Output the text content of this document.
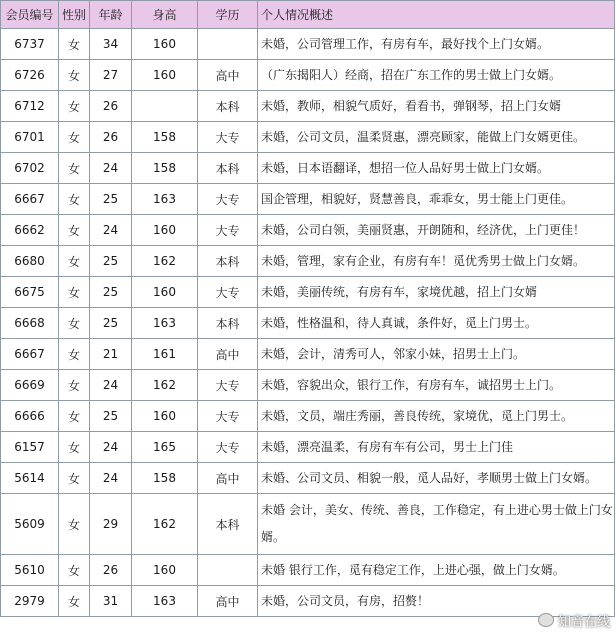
会员编号	性别	年龄	身高	学历	个人情况概述
6737	女	34	160		未婚，公司管理工作，有房有车，最好找个上门女婿。
6726	女	27	160	高中	（广东揭阳人）经商，招在广东工作的男士做上门女婿。
6712	女	26		本科	未婚，教师，相貌气质好，看看书，弹钢琴，招上门女婿
6701	女	26	158	大专	未婚，公司文员，温柔贤惠，漂亮顾家，能做上门女婿更佳。
6702	女	24	158	本科	未婚，日本语翻译，想招一位人品好男士做上门女婿。
6667	女	25	163	大专	国企管理，相貌好，贤慧善良，乖乖女，男士能上门更佳。
6662	女	24	160	大专	未婚，公司白领，美丽贤惠，开朗随和，经济优，上门更佳！
6680	女	25	162	本科	未婚，管理，家有企业，有房有车！觅优秀男士做上门女婿。
6675	女	25	160	大专	未婚，美丽传统，有房有车，家境优越，招上门女婿
6668	女	25	163	本科	未婚，性格温和，待人真诚，条件好，觅上门男士。
6667	女	21	161	高中	未婚，会计，清秀可人，邻家小妹，招男士上门。
6669	女	24	162	大专	未婚，容貌出众，银行工作，有房有车，诚招男士上门。
6666	女	25	160	大专	未婚，文员，端庄秀丽，善良传统，家境优，觅上门男士。
6157	女	24	165	大专	未婚，漂亮温柔，有房有车有公司，男士上门佳
5614	女	24	158	高中	未婚、公司文员、相貌一般，觅人品好，孝顺男士做上门女婿。
5609	女	29	162	本科	未婚 会计，美女、传统、善良，工作稳定，有上进心男士做上门女婿。
5610	女	26	160		未婚 银行工作，觅有稳定工作，上进心强，做上门女婿。
2979	女	31	163	高中	未婚，公司文员，有房，招赘！
知音在线
